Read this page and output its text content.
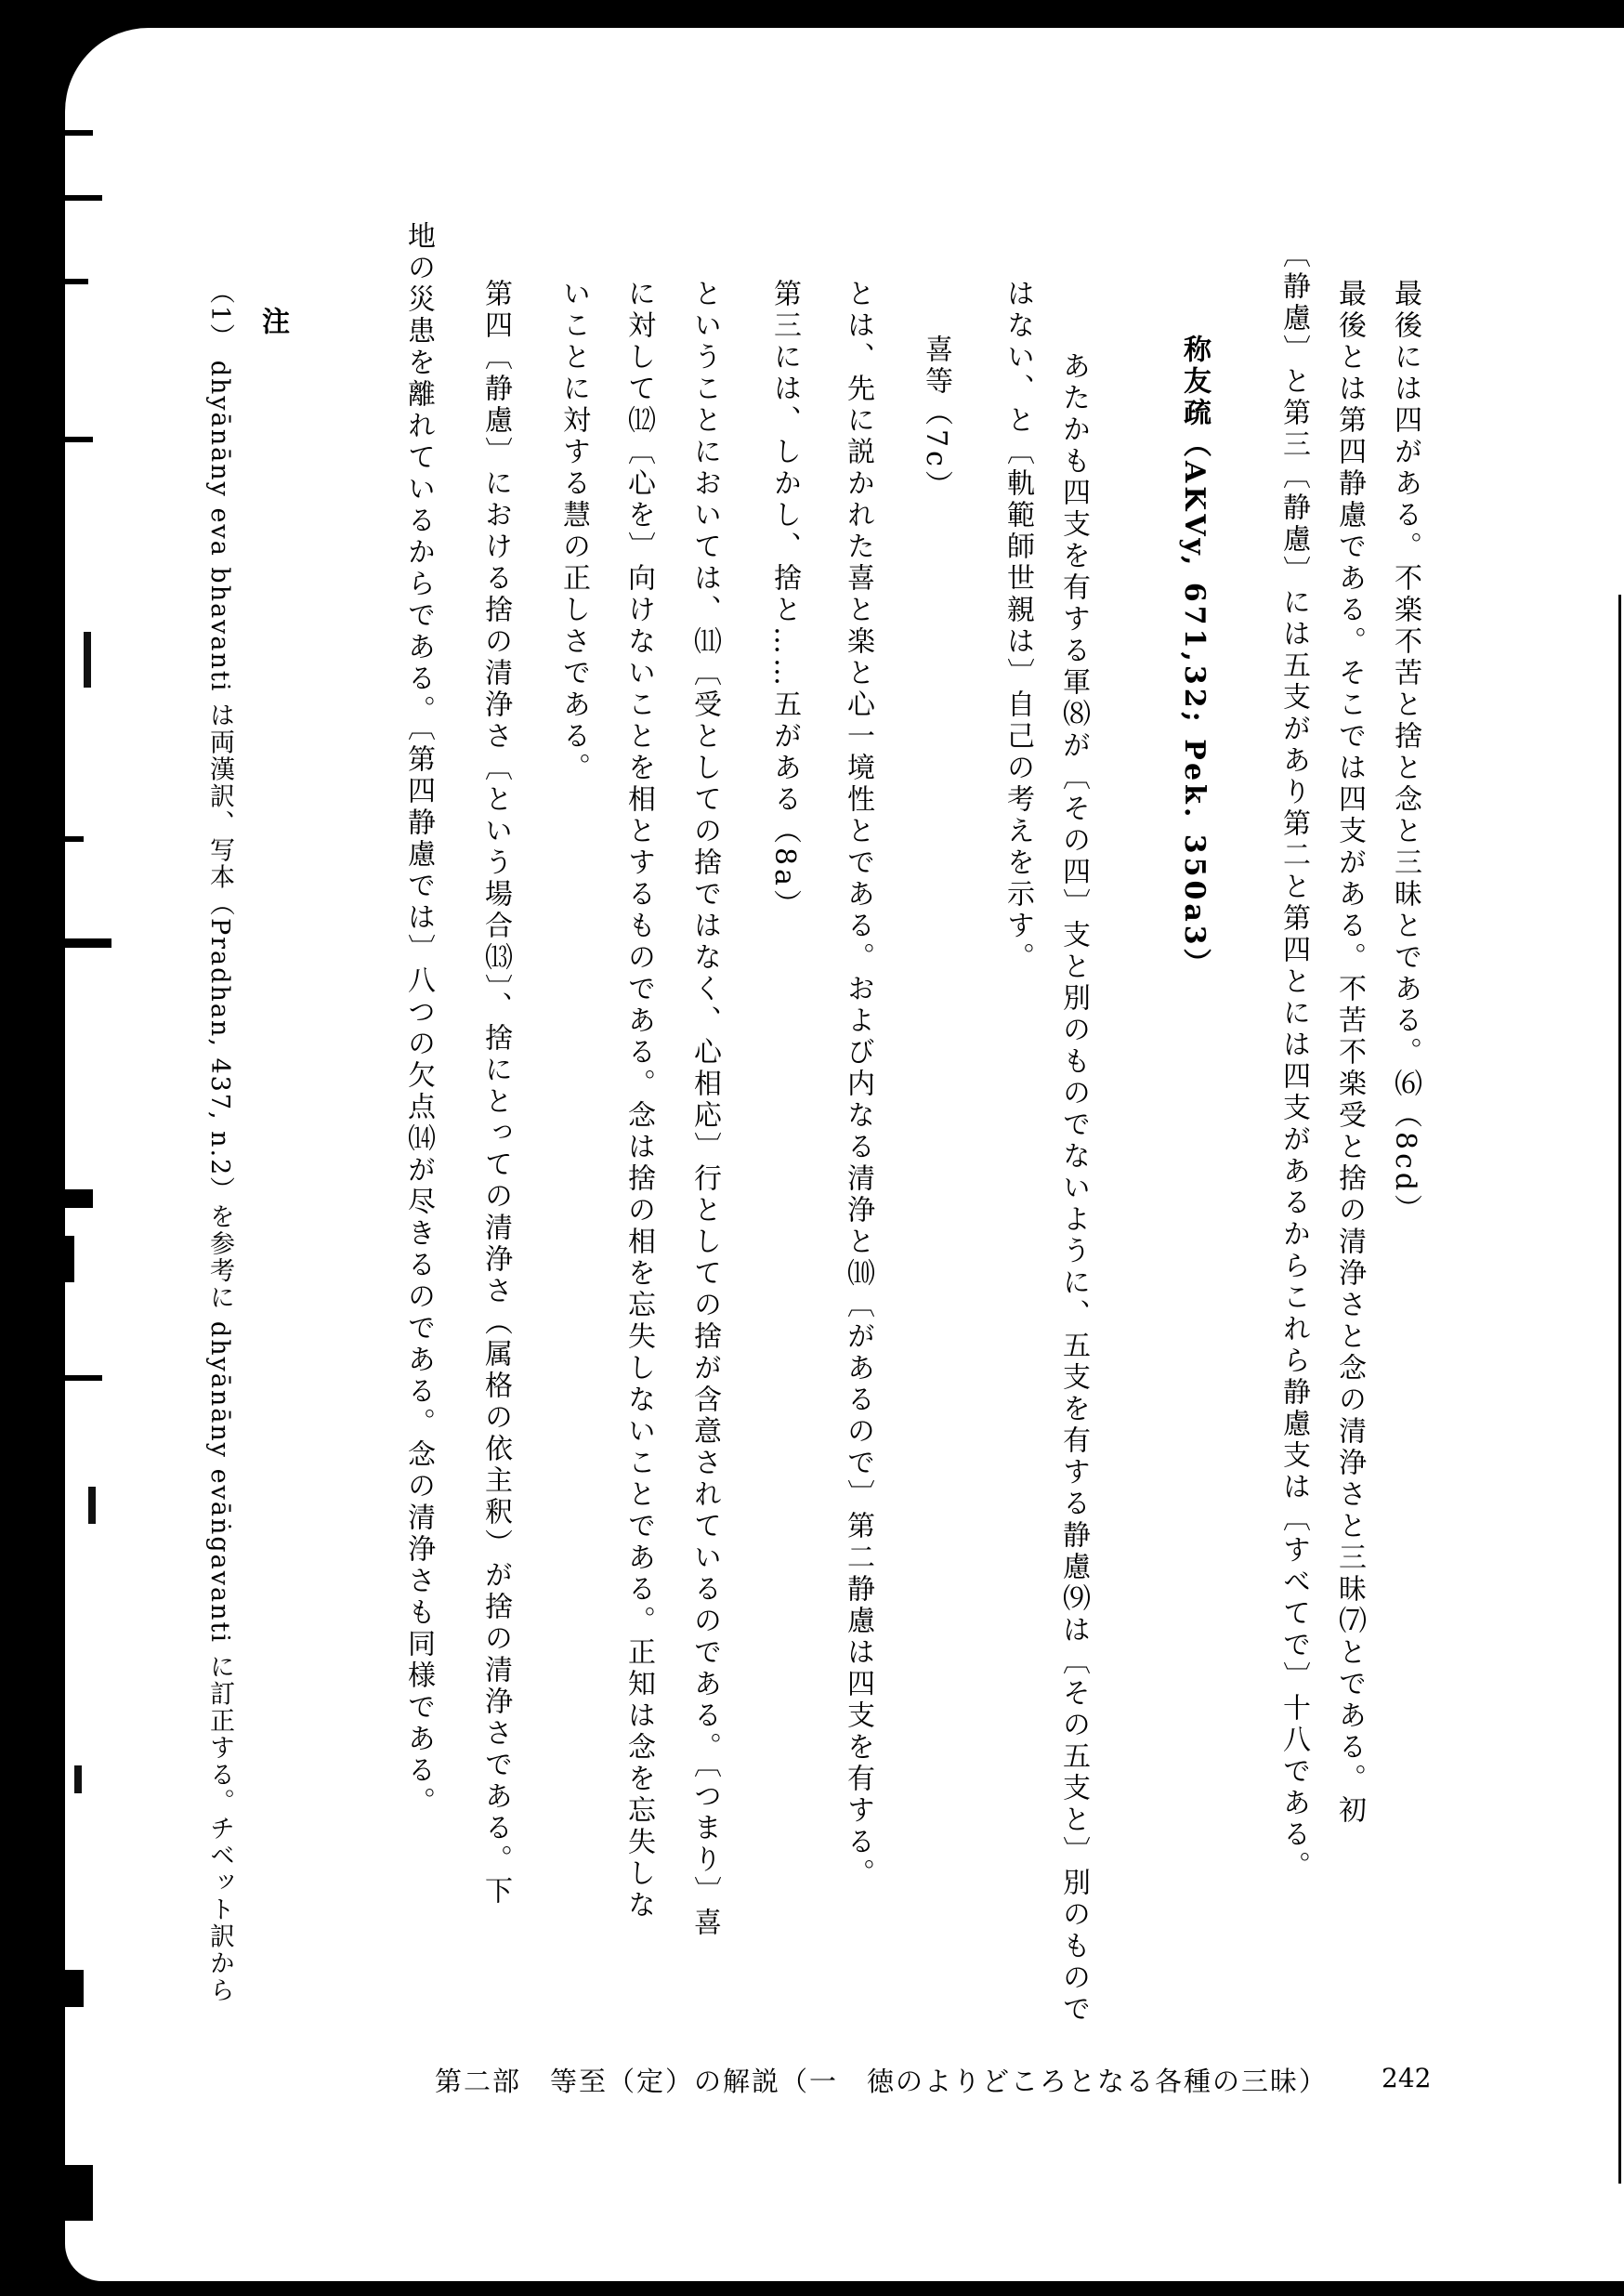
最後には四がある。不楽不苦と捨と念と三昧とである。⑹（8cd）
最後とは第四静慮である。そこでは四支がある。不苦不楽受と捨の清浄さと念の清浄さと三昧⑺とである。初
〔静慮〕と第三〔静慮〕には五支があり第二と第四とには四支があるからこれら静慮支は〔すべてで〕十八である。
称友疏（AKVy, 671,32; Pek. 350a3）
あたかも四支を有する軍⑻が〔その四〕支と別のものでないように、五支を有する静慮⑼は〔その五支と〕別のもので
はない、と〔軌範師世親は〕自己の考えを示す。
喜等（7c）
とは、先に説かれた喜と楽と心一境性とである。および内なる清浄と⑽〔があるので〕第二静慮は四支を有する。
第三には、しかし、捨と……五がある（8a）
ということにおいては、⑾〔受としての捨ではなく、心相応〕行としての捨が含意されているのである。〔つまり〕喜
に対して⑿〔心を〕向けないことを相とするものである。念は捨の相を忘失しないことである。正知は念を忘失しな
いことに対する慧の正しさである。
第四〔静慮〕における捨の清浄さ〔という場合⒀〕、捨にとっての清浄さ（属格の依主釈）が捨の清浄さである。下
地の災患を離れているからである。〔第四静慮では〕八つの欠点⒁が尽きるのである。念の清浄さも同様である。
注
（1） dhyānāny eva bhavanti は両漢訳、写本（Pradhan, 437, n.2）を参考に dhyānāny evāṅgavanti に訂正する。チベット訳から
第二部　等至（定）の解説（一　徳のよりどころとなる各種の三昧） 242
